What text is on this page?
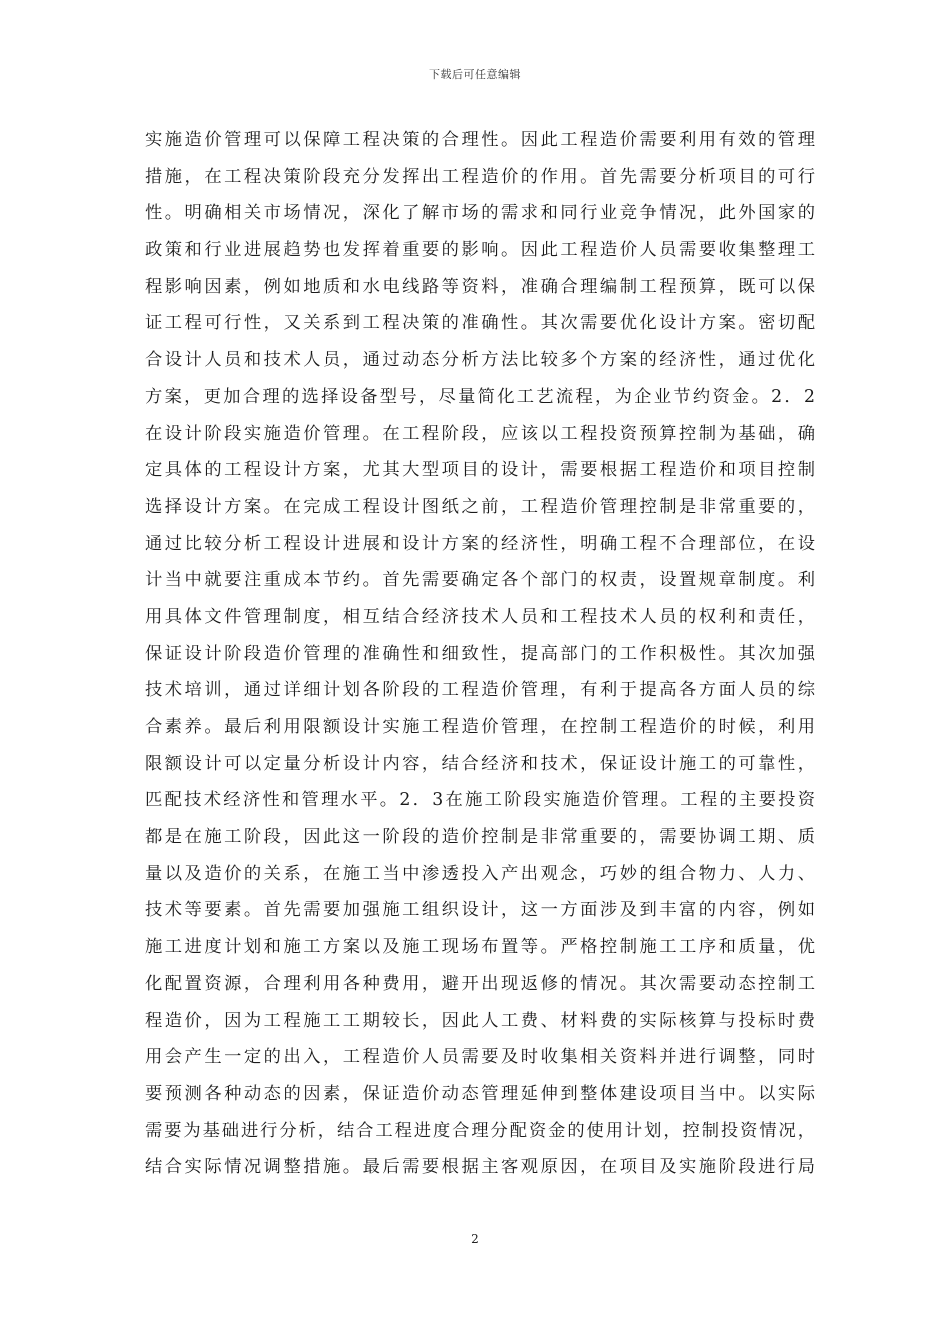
下载后可任意编辑
实施造价管理可以保障工程决策的合理性。因此工程造价需要利用有效的管理
措施，在工程决策阶段充分发挥出工程造价的作用。首先需要分析项目的可行
性。明确相关市场情况，深化了解市场的需求和同行业竞争情况，此外国家的
政策和行业进展趋势也发挥着重要的影响。因此工程造价人员需要收集整理工
程影响因素，例如地质和水电线路等资料，准确合理编制工程预算，既可以保
证工程可行性，又关系到工程决策的准确性。其次需要优化设计方案。密切配
合设计人员和技术人员，通过动态分析方法比较多个方案的经济性，通过优化
方案，更加合理的选择设备型号，尽量简化工艺流程，为企业节约资金。2．2
在设计阶段实施造价管理。在工程阶段，应该以工程投资预算控制为基础，确
定具体的工程设计方案，尤其大型项目的设计，需要根据工程造价和项目控制
选择设计方案。在完成工程设计图纸之前，工程造价管理控制是非常重要的，
通过比较分析工程设计进展和设计方案的经济性，明确工程不合理部位，在设
计当中就要注重成本节约。首先需要确定各个部门的权责，设置规章制度。利
用具体文件管理制度，相互结合经济技术人员和工程技术人员的权利和责任，
保证设计阶段造价管理的准确性和细致性，提高部门的工作积极性。其次加强
技术培训，通过详细计划各阶段的工程造价管理，有利于提高各方面人员的综
合素养。最后利用限额设计实施工程造价管理，在控制工程造价的时候，利用
限额设计可以定量分析设计内容，结合经济和技术，保证设计施工的可靠性，
匹配技术经济性和管理水平。2．3在施工阶段实施造价管理。工程的主要投资
都是在施工阶段，因此这一阶段的造价控制是非常重要的，需要协调工期、质
量以及造价的关系，在施工当中渗透投入产出观念，巧妙的组合物力、人力、
技术等要素。首先需要加强施工组织设计，这一方面涉及到丰富的内容，例如
施工进度计划和施工方案以及施工现场布置等。严格控制施工工序和质量，优
化配置资源，合理利用各种费用，避开出现返修的情况。其次需要动态控制工
程造价，因为工程施工工期较长，因此人工费、材料费的实际核算与投标时费
用会产生一定的出入，工程造价人员需要及时收集相关资料并进行调整，同时
要预测各种动态的因素，保证造价动态管理延伸到整体建设项目当中。以实际
需要为基础进行分析，结合工程进度合理分配资金的使用计划，控制投资情况，
结合实际情况调整措施。最后需要根据主客观原因，在项目及实施阶段进行局
2
